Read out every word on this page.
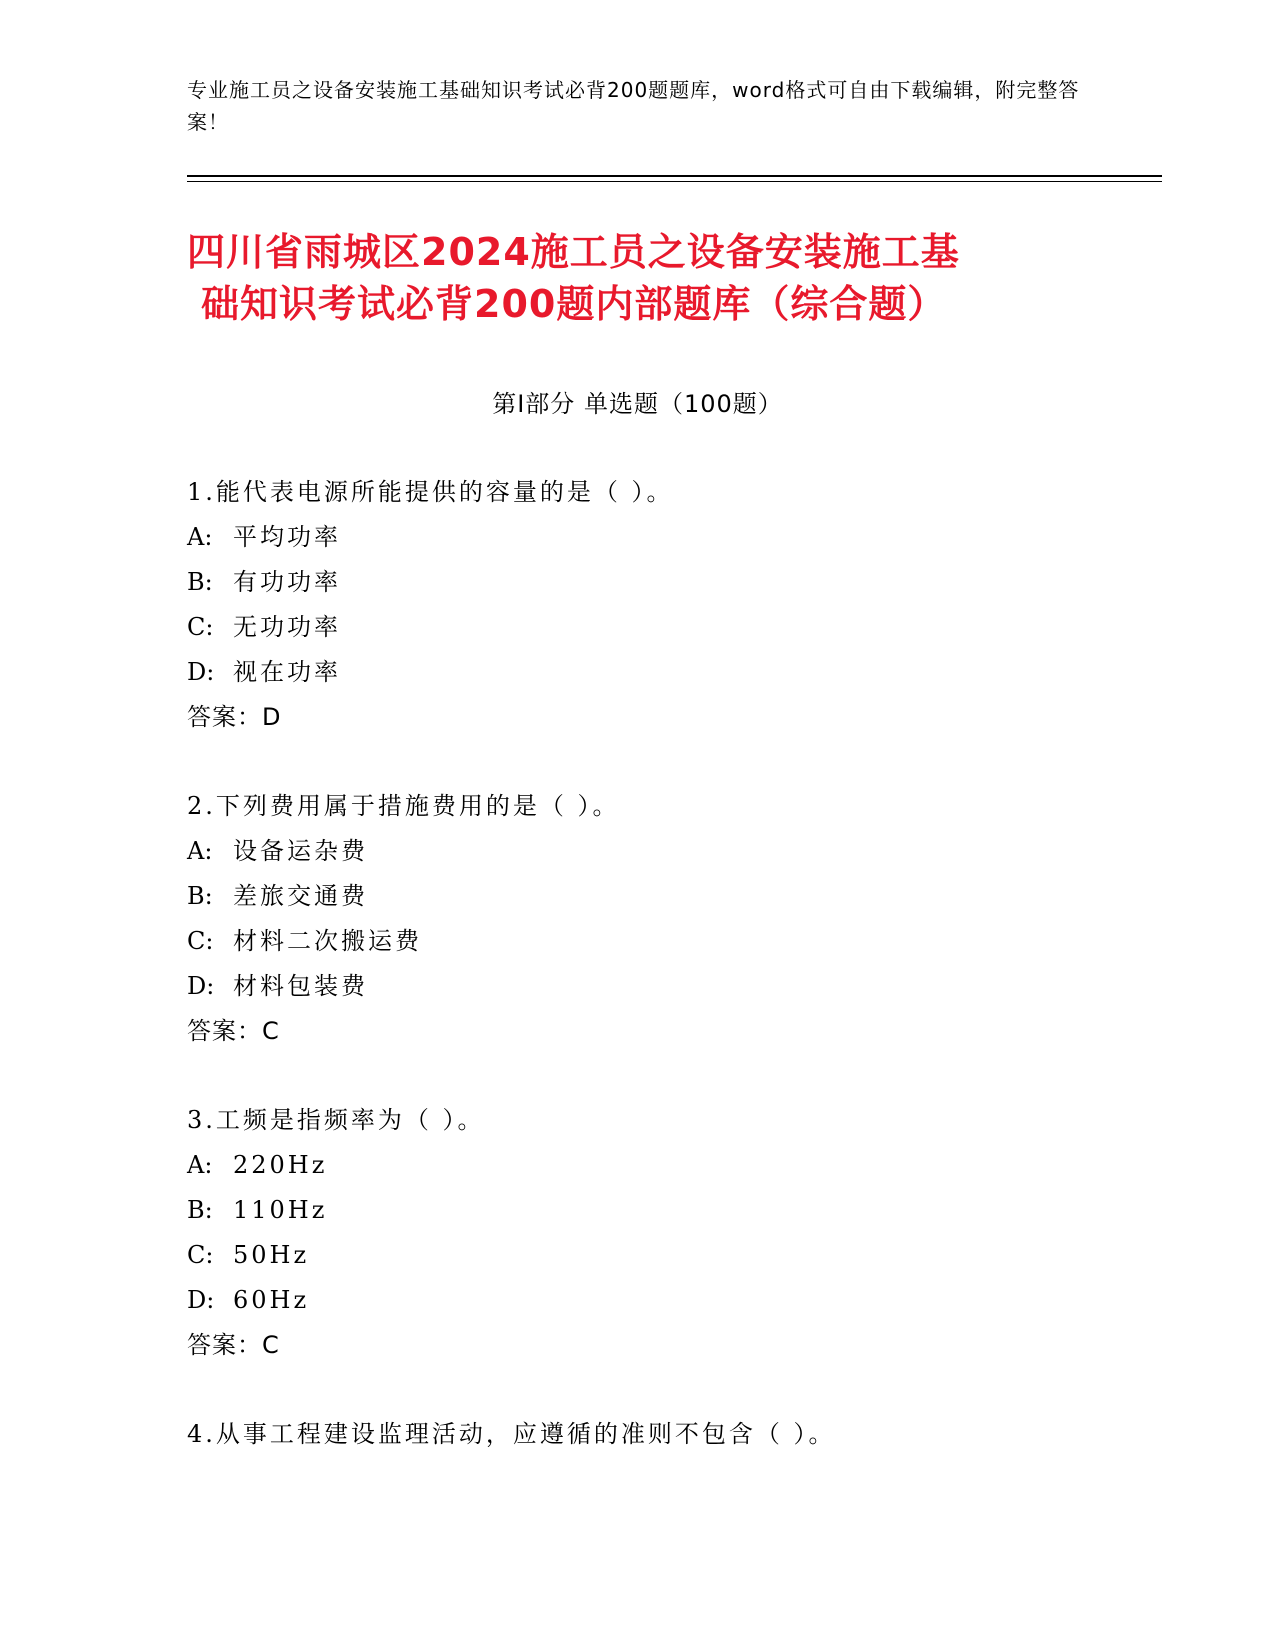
专业施工员之设备安装施工基础知识考试必背200题题库，word格式可自由下载编辑，附完整答案！
四川省雨城区2024施工员之设备安装施工基
础知识考试必背200题内部题库（综合题）
第Ⅰ部分 单选题（100题）
1.能代表电源所能提供的容量的是（ ）。
A: 平均功率
B: 有功功率
C: 无功功率
D: 视在功率
答案：D
2.下列费用属于措施费用的是（ ）。
A: 设备运杂费
B: 差旅交通费
C: 材料二次搬运费
D: 材料包装费
答案：C
3.工频是指频率为（ ）。
A: 220Hz
B: 110Hz
C: 50Hz
D: 60Hz
答案：C
4.从事工程建设监理活动，应遵循的准则不包含（ ）。
